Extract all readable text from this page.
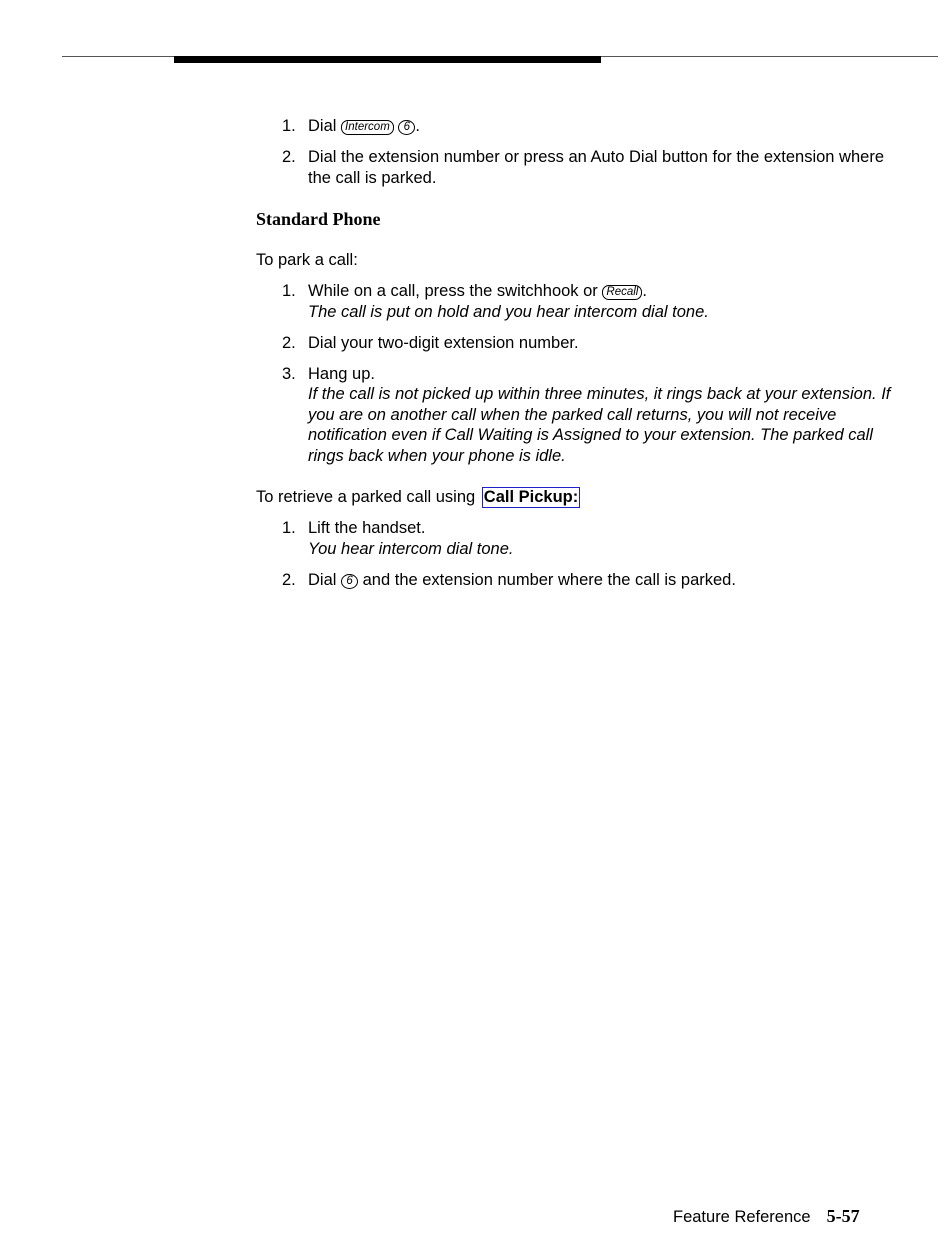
1. Dial Intercom 6 .

2. Dial the extension number or press an Auto Dial button for the extension where the call is parked.

Standard Phone

To park a call:

1. While on a call, press the switchhook or Recall .
The call is put on hold and you hear intercom dial tone.

2. Dial your two-digit extension number.

3. Hang up.
If the call is not picked up within three minutes, it rings back at your extension. If you are on another call when the parked call returns, you will not receive notification even if Call Waiting is Assigned to your extension. The parked call rings back when your phone is idle.

To retrieve a parked call using Call Pickup:

1. Lift the handset.
You hear intercom dial tone.

2. Dial 6 and the extension number where the call is parked.

Feature Reference 5-57
